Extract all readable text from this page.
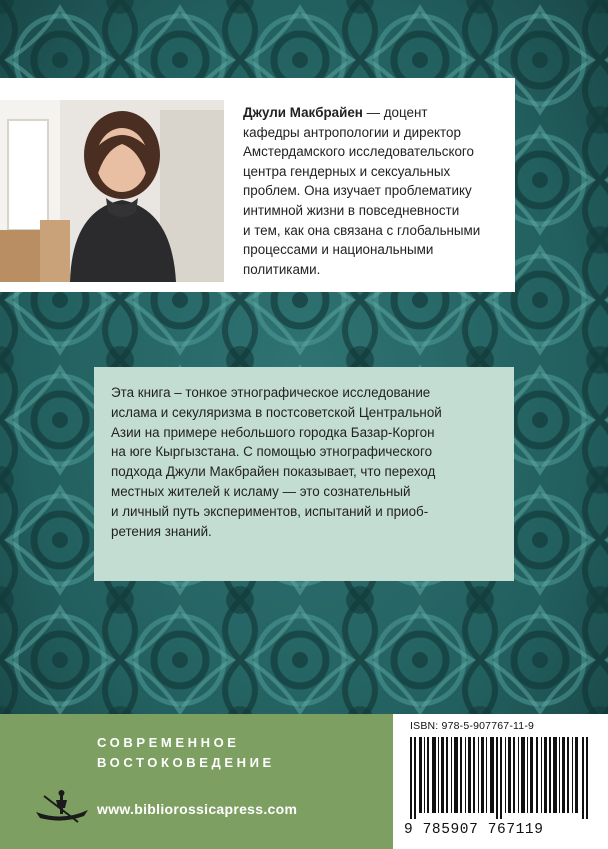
Джули Макбрайен — доцент
кафедры антропологии и директор
Амстердамского исследовательского
центра гендерных и сексуальных
проблем. Она изучает проблематику
интимной жизни в повседневности
и тем, как она связана с глобальными
процессами и национальными
политиками.

Эта книга – тонкое этнографическое исследование
ислама и секуляризма в постсоветской Центральной
Азии на примере небольшого городка Базар-Коргон
на юге Кыргызстана. С помощью этнографического
подхода Джули Макбрайен показывает, что переход
местных жителей к исламу — это сознательный
и личный путь экспериментов, испытаний и приоб-
ретения знаний.

СОВРЕМЕННОЕ
ВОСТОКОВЕДЕНИЕ

www.bibliorossicapress.com
ISBN: 978-5-907767-11-9
9 785907 767119
